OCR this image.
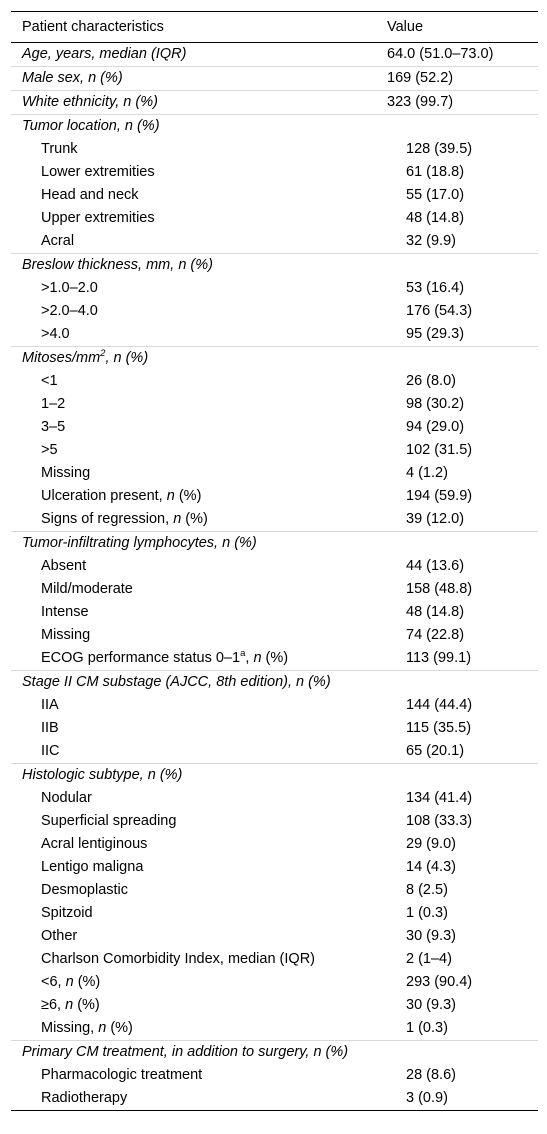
Patient characteristics	Value
Age, years, median (IQR)	64.0 (51.0–73.0)
Male sex, n (%)	169 (52.2)
White ethnicity, n (%)	323 (99.7)
Tumor location, n (%)
Trunk	128 (39.5)
Lower extremities	61 (18.8)
Head and neck	55 (17.0)
Upper extremities	48 (14.8)
Acral	32 (9.9)
Breslow thickness, mm, n (%)
>1.0–2.0	53 (16.4)
>2.0–4.0	176 (54.3)
>4.0	95 (29.3)
Mitoses/$mm^2$, n (%)
<1	26 (8.0)
1–2	98 (30.2)
3–5	94 (29.0)
>5	102 (31.5)
Missing	4 (1.2)
Ulceration present, n (%)	194 (59.9)
Signs of regression, n (%)	39 (12.0)
Tumor-infiltrating lymphocytes, n (%)
Absent	44 (13.6)
Mild/moderate	158 (48.8)
Intense	48 (14.8)
Missing	74 (22.8)
ECOG performance status 0–1$^a$, n (%)	113 (99.1)
Stage II CM substage (AJCC, 8th edition), n (%)
IIA	144 (44.4)
IIB	115 (35.5)
IIC	65 (20.1)
Histologic subtype, n (%)
Nodular	134 (41.4)
Superficial spreading	108 (33.3)
Acral lentiginous	29 (9.0)
Lentigo maligna	14 (4.3)
Desmoplastic	8 (2.5)
Spitzoid	1 (0.3)
Other	30 (9.3)
Charlson Comorbidity Index, median (IQR)	2 (1–4)
<6, n (%)	293 (90.4)
≥6, n (%)	30 (9.3)
Missing, n (%)	1 (0.3)
Primary CM treatment, in addition to surgery, n (%)
Pharmacologic treatment	28 (8.6)
Radiotherapy	3 (0.9)
